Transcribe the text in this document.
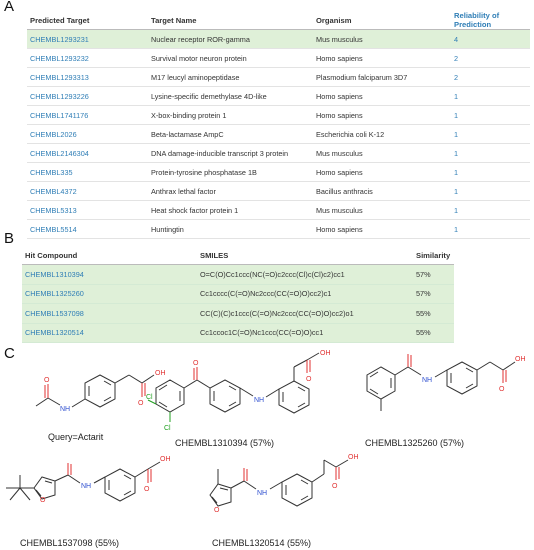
A
Predicted Target	Target Name	Organism	Reliability of Prediction
CHEMBL1293231	Nuclear receptor ROR-gamma	Mus musculus	4
CHEMBL1293232	Survival motor neuron protein	Homo sapiens	2
CHEMBL1293313	M17 leucyl aminopeptidase	Plasmodium falciparum 3D7	2
CHEMBL1293226	Lysine-specific demethylase 4D-like	Homo sapiens	1
CHEMBL1741176	X-box-binding protein 1	Homo sapiens	1
CHEMBL2026	Beta-lactamase AmpC	Escherichia coli K-12	1
CHEMBL2146304	DNA damage-inducible transcript 3 protein	Mus musculus	1
CHEMBL335	Protein-tyrosine phosphatase 1B	Homo sapiens	1
CHEMBL4372	Anthrax lethal factor	Bacillus anthracis	1
CHEMBL5313	Heat shock factor protein 1	Mus musculus	1
CHEMBL5514	Huntingtin	Homo sapiens	1
B
Hit Compound	SMILES	Similarity
CHEMBL1310394	O=C(O)Cc1ccc(NC(=O)c2ccc(Cl)c(Cl)c2)cc1	57%
CHEMBL1325260	Cc1cccc(C(=O)Nc2ccc(CC(=O)O)cc2)c1	57%
CHEMBL1537098	CC(C)(C)c1ccc(C(=O)Nc2ccc(CC(=O)O)cc2)o1	55%
CHEMBL1320514	Cc1ccoc1C(=O)Nc1ccc(CC(=O)O)cc1	55%
C
O
OH
NH
O
Query=Actarit
O
NH
O
OH
Cl
Cl
CHEMBL1310394 (57%)
NH
O
OH
CHEMBL1325260 (57%)
O
NH	O
OH
CHEMBL1537098 (55%)
O
NH
O
OH
CHEMBL1320514 (55%)
